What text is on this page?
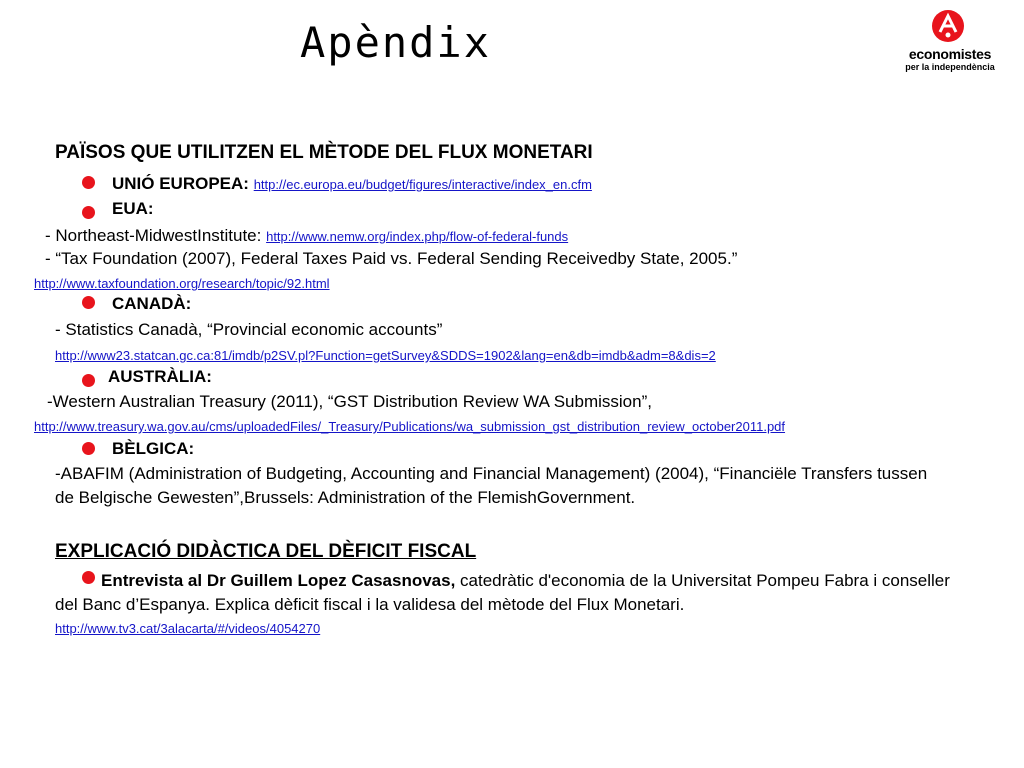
Apèndix	economistes
per la independència
PAÏSOS QUE UTILITZEN EL MÈTODE DEL FLUX MONETARI
UNIÓ EUROPEA: http://ec.europa.eu/budget/figures/interactive/index_en.cfm
EUA:
- Northeast-MidwestInstitute: http://www.nemw.org/index.php/flow-of-federal-funds
- “Tax Foundation (2007), Federal Taxes Paid vs. Federal Sending Receivedby State, 2005.”
http://www.taxfoundation.org/research/topic/92.html
CANADÀ:
- Statistics Canadà, “Provincial economic accounts”
http://www23.statcan.gc.ca:81/imdb/p2SV.pl?Function=getSurvey&SDDS=1902&lang=en&db=imdb&adm=8&dis=2
AUSTRÀLIA:
-Western Australian Treasury (2011), “GST Distribution Review WA Submission”,
http://www.treasury.wa.gov.au/cms/uploadedFiles/_Treasury/Publications/wa_submission_gst_distribution_review_october2011.pdf
BÈLGICA:
-ABAFIM (Administration of Budgeting, Accounting and Financial Management) (2004), “Financiële Transfers tussen
de Belgische Gewesten”,Brussels: Administration of the FlemishGovernment.
EXPLICACIÓ DIDÀCTICA DEL DÈFICIT FISCAL
Entrevista al Dr Guillem Lopez Casasnovas, catedràtic d'economia de la Universitat Pompeu Fabra i conseller
del Banc d’Espanya. Explica dèficit fiscal i la validesa del mètode del Flux Monetari.
http://www.tv3.cat/3alacarta/#/videos/4054270
